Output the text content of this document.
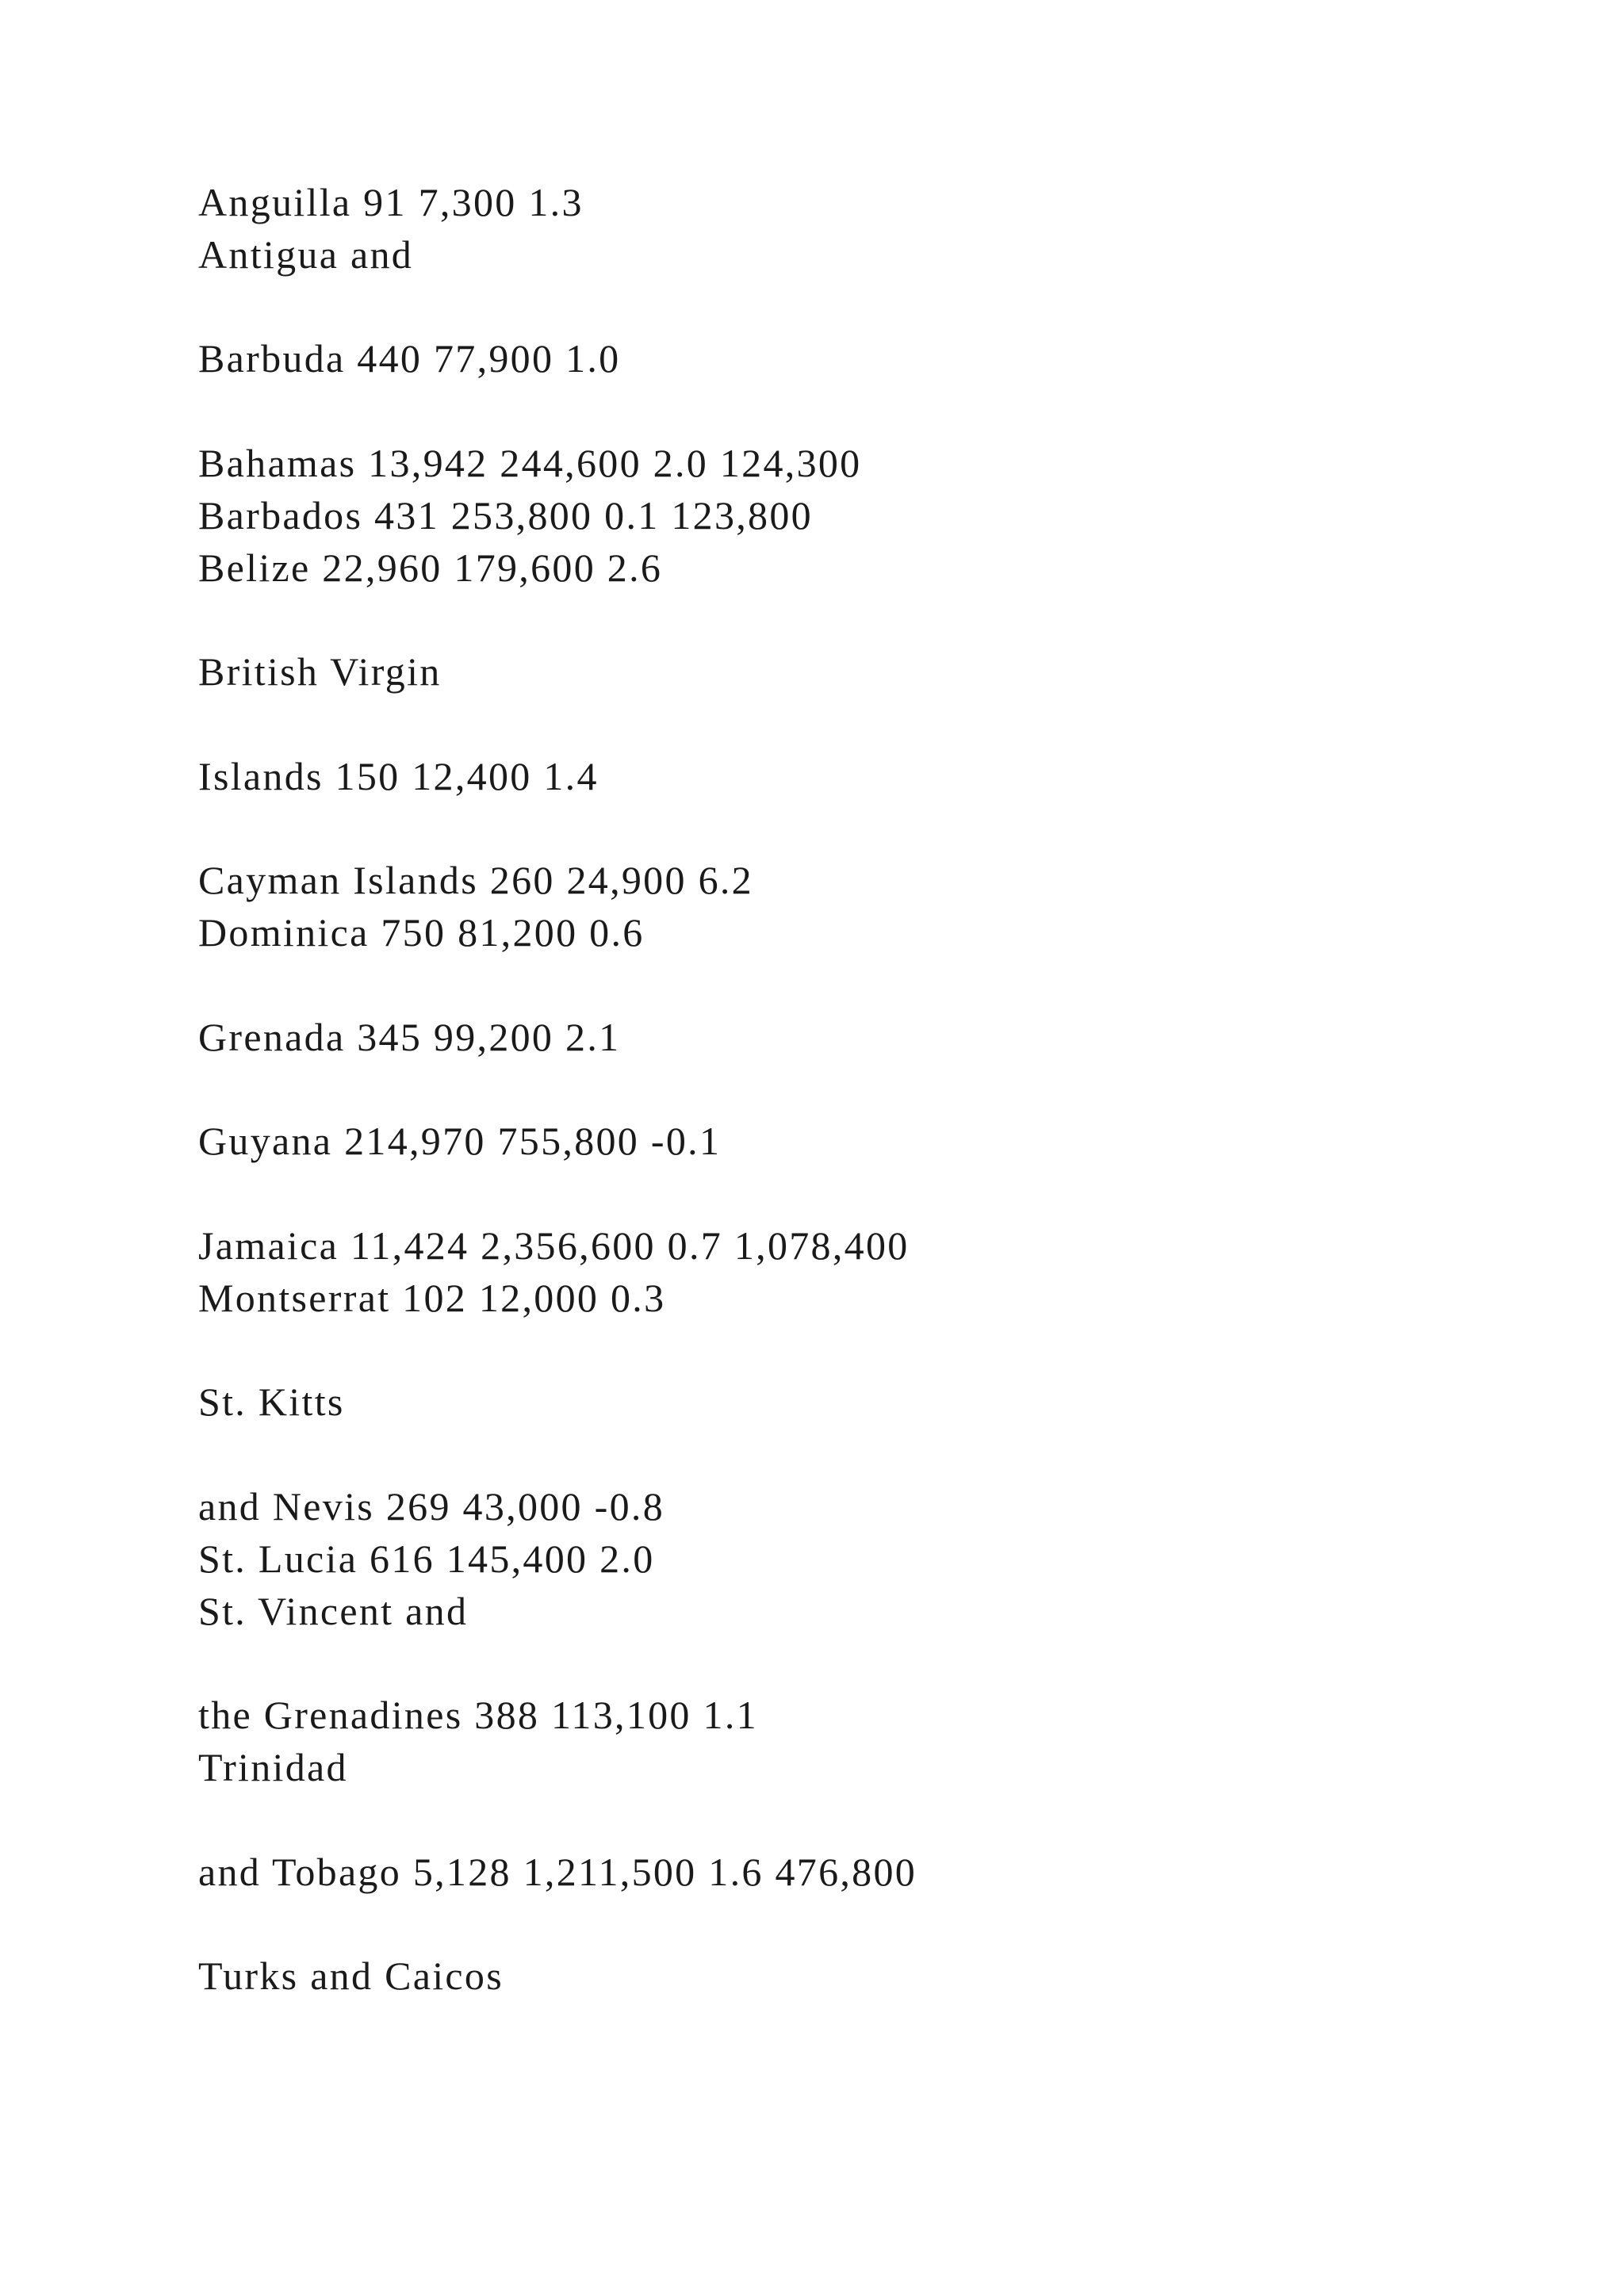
Anguilla 91 7,300 1.3
Antigua and
Barbuda 440 77,900 1.0
Bahamas 13,942 244,600 2.0 124,300
Barbados 431 253,800 0.1 123,800
Belize 22,960 179,600 2.6
British Virgin
Islands 150 12,400 1.4
Cayman Islands 260 24,900 6.2
Dominica 750 81,200 0.6
Grenada 345 99,200 2.1
Guyana 214,970 755,800 -0.1
Jamaica 11,424 2,356,600 0.7 1,078,400
Montserrat 102 12,000 0.3
St. Kitts
and Nevis 269 43,000 -0.8
St. Lucia 616 145,400 2.0
St. Vincent and
the Grenadines 388 113,100 1.1
Trinidad
and Tobago 5,128 1,211,500 1.6 476,800
Turks and Caicos
